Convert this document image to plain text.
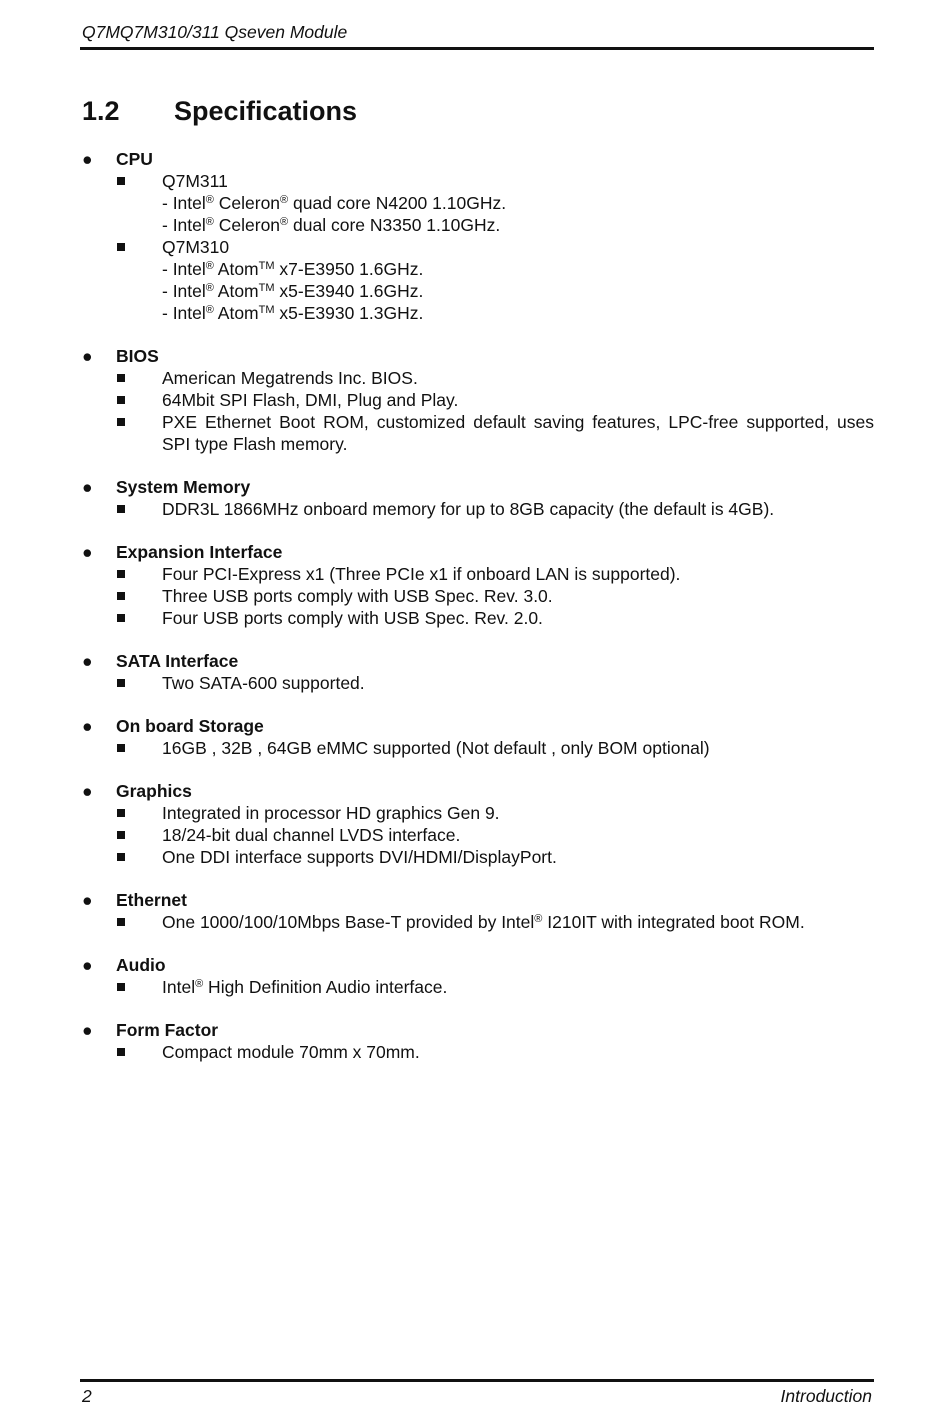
Q7MQ7M310/311 Qseven Module
1.2 Specifications
● CPU
Q7M311
- Intel® Celeron® quad core N4200 1.10GHz.
- Intel® Celeron® dual core N3350 1.10GHz.
Q7M310
- Intel® Atom™ x7-E3950 1.6GHz.
- Intel® Atom™ x5-E3940 1.6GHz.
- Intel® Atom™ x5-E3930 1.3GHz.
● BIOS
American Megatrends Inc. BIOS.
64Mbit SPI Flash, DMI, Plug and Play.
PXE Ethernet Boot ROM, customized default saving features, LPC-free supported, uses SPI type Flash memory.
● System Memory
DDR3L 1866MHz onboard memory for up to 8GB capacity (the default is 4GB).
● Expansion Interface
Four PCI-Express x1 (Three PCIe x1 if onboard LAN is supported).
Three USB ports comply with USB Spec. Rev. 3.0.
Four USB ports comply with USB Spec. Rev. 2.0.
● SATA Interface
Two SATA-600 supported.
● On board Storage
16GB , 32B , 64GB eMMC supported (Not default , only BOM optional)
● Graphics
Integrated in processor HD graphics Gen 9.
18/24-bit dual channel LVDS interface.
One DDI interface supports DVI/HDMI/DisplayPort.
● Ethernet
One 1000/100/10Mbps Base-T provided by Intel® I210IT with integrated boot ROM.
● Audio
Intel® High Definition Audio interface.
● Form Factor
Compact module 70mm x 70mm.
2	Introduction
